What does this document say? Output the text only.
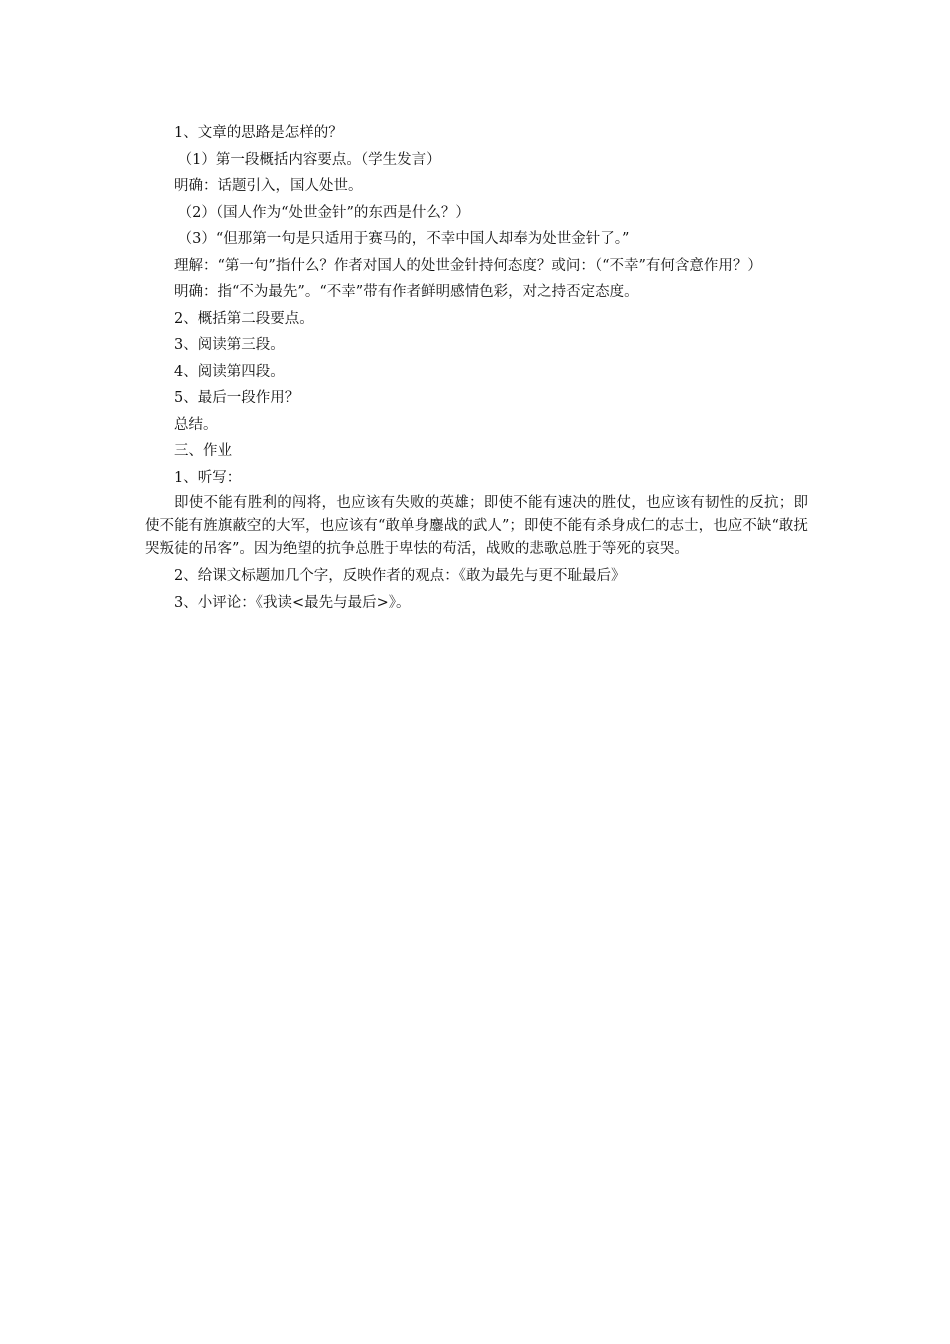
1、文章的思路是怎样的？

（1）第一段概括内容要点。（学生发言）

明确：话题引入，国人处世。

（2）（国人作为“处世金针”的东西是什么？）

（3）“但那第一句是只适用于赛马的，不幸中国人却奉为处世金针了。”

理解：“第一句”指什么？作者对国人的处世金针持何态度？或问：（“不幸”有何含意作用？）

明确：指“不为最先”。“不幸”带有作者鲜明感情色彩，对之持否定态度。

2、概括第二段要点。

3、阅读第三段。

4、阅读第四段。

5、最后一段作用？

总结。

三、作业

1、听写：

即使不能有胜利的闯将，也应该有失败的英雄；即使不能有速决的胜仗，也应该有韧性的反抗；即使不能有旌旗蔽空的大军，也应该有“敢单身鏖战的武人”；即使不能有杀身成仁的志士，也应不缺“敢抚哭叛徒的吊客”。因为绝望的抗争总胜于卑怯的苟活，战败的悲歌总胜于等死的哀哭。

2、给课文标题加几个字，反映作者的观点：《敢为最先与更不耻最后》

3、小评论：《我读<最先与最后>》。
